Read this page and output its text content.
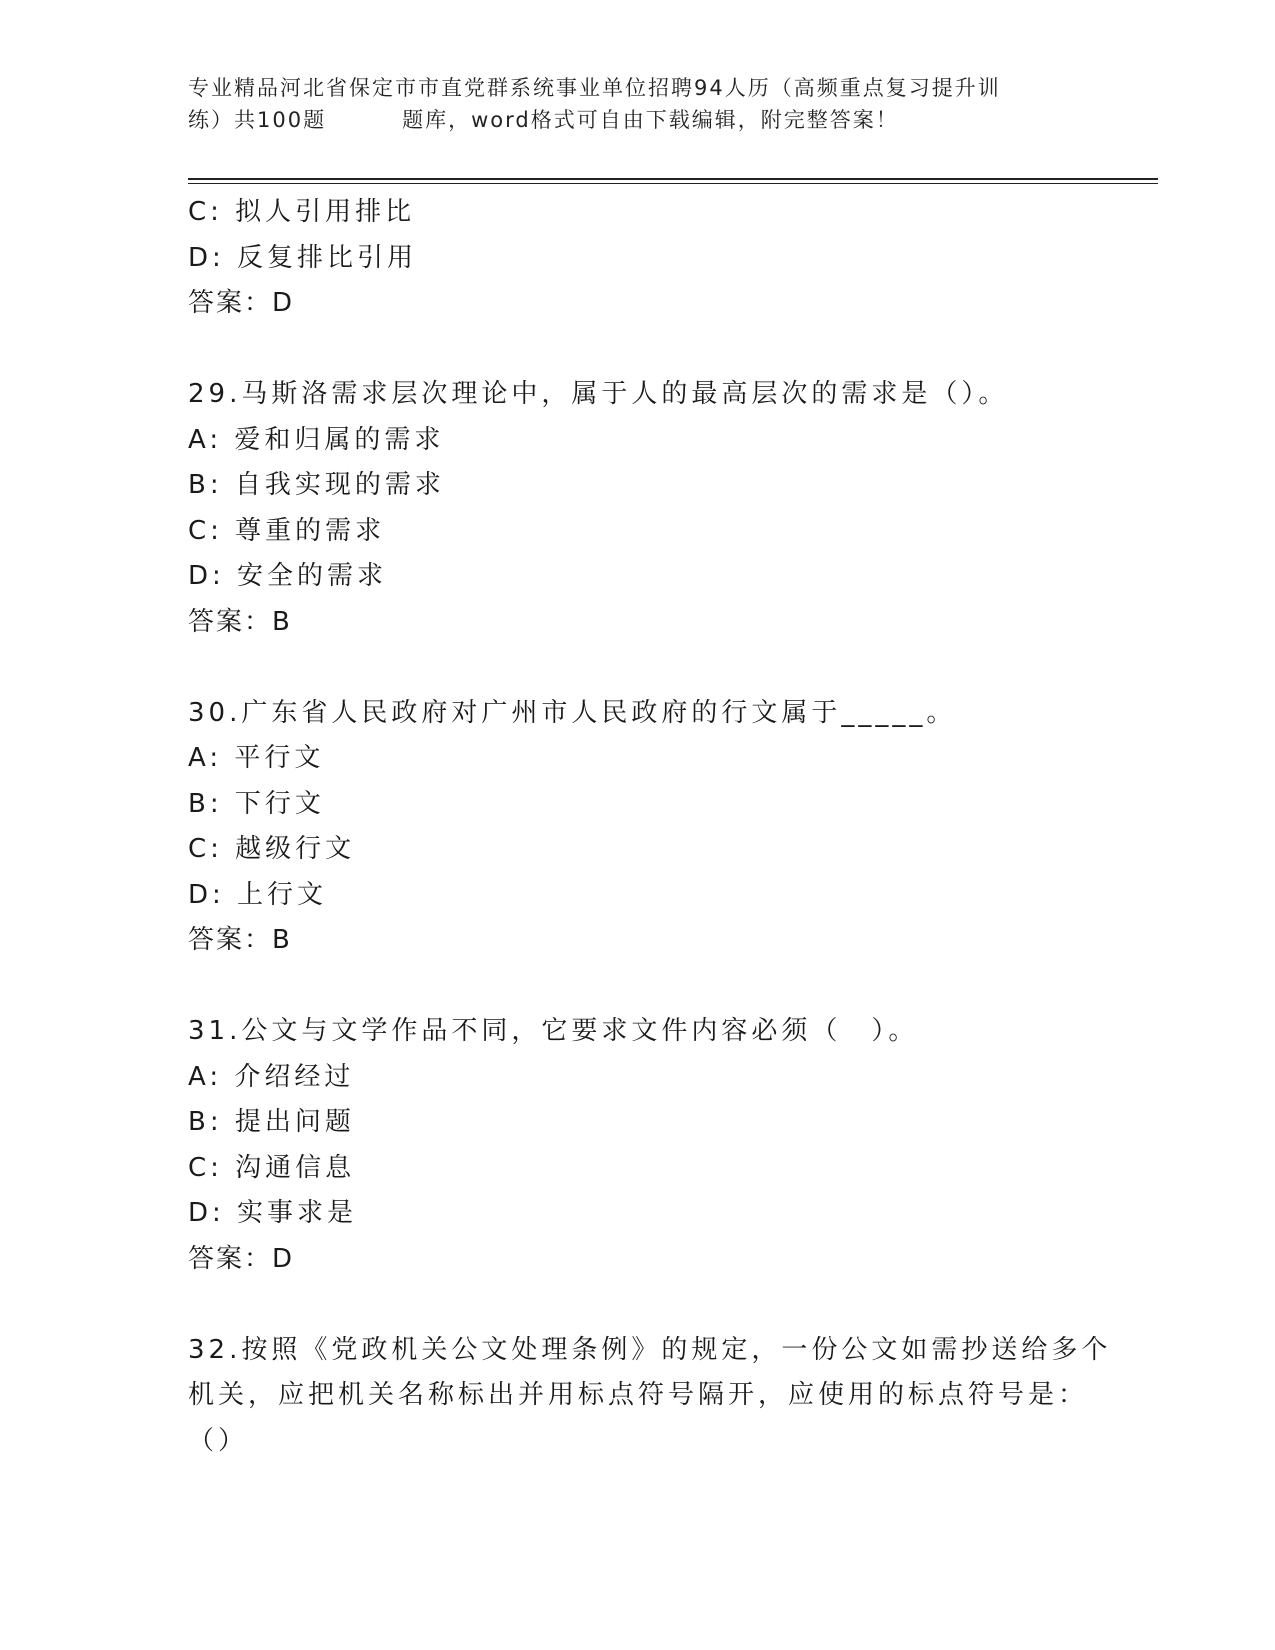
专业精品河北省保定市市直党群系统事业单位招聘94人历（高频重点复习提升训
练）共100题	题库，word格式可自由下载编辑，附完整答案！
C: 拟人引用排比
D: 反复排比引用
答案：D
29.马斯洛需求层次理论中，属于人的最高层次的需求是（）。
A: 爱和归属的需求
B: 自我实现的需求
C: 尊重的需求
D: 安全的需求
答案：B
30.广东省人民政府对广州市人民政府的行文属于_____。
A: 平行文
B: 下行文
C: 越级行文
D: 上行文
答案：B
31.公文与文学作品不同，它要求文件内容必须（　）。
A: 介绍经过
B: 提出问题
C: 沟通信息
D: 实事求是
答案：D
32.按照《党政机关公文处理条例》的规定，一份公文如需抄送给多个
机关，应把机关名称标出并用标点符号隔开，应使用的标点符号是：
（）
